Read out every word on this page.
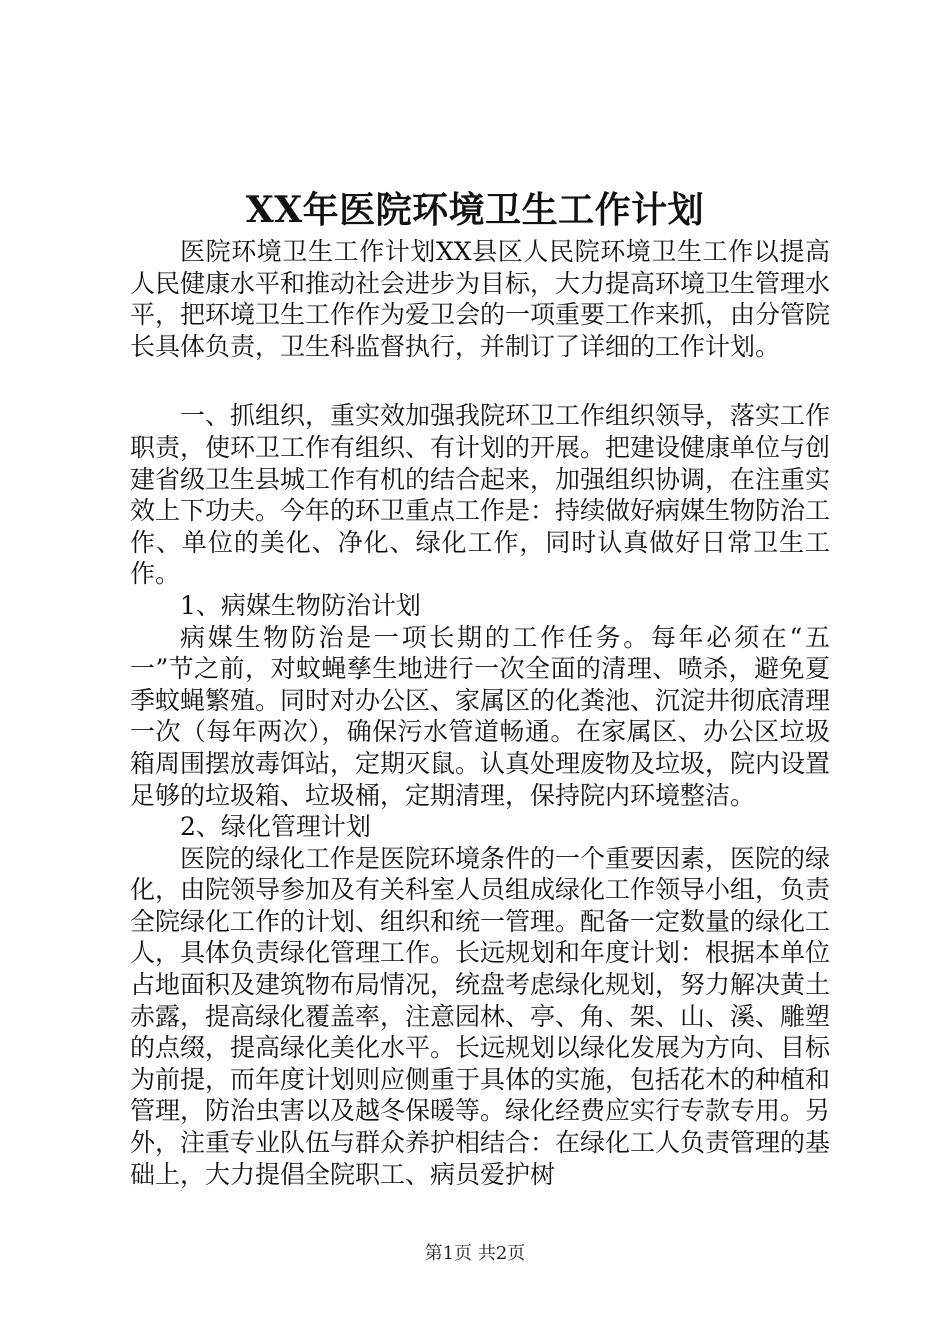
XX年医院环境卫生工作计划

医院环境卫生工作计划XX县区人民院环境卫生工作以提高人民健康水平和推动社会进步为目标，大力提高环境卫生管理水平，把环境卫生工作作为爱卫会的一项重要工作来抓，由分管院长具体负责，卫生科监督执行，并制订了详细的工作计划。

一、抓组织，重实效加强我院环卫工作组织领导，落实工作职责，使环卫工作有组织、有计划的开展。把建设健康单位与创建省级卫生县城工作有机的结合起来，加强组织协调，在注重实效上下功夫。今年的环卫重点工作是：持续做好病媒生物防治工作、单位的美化、净化、绿化工作，同时认真做好日常卫生工作。

1、病媒生物防治计划

病媒生物防治是一项长期的工作任务。每年必须在“五一”节之前，对蚊蝇孳生地进行一次全面的清理、喷杀，避免夏季蚊蝇繁殖。同时对办公区、家属区的化粪池、沉淀井彻底清理一次（每年两次），确保污水管道畅通。在家属区、办公区垃圾箱周围摆放毒饵站，定期灭鼠。认真处理废物及垃圾，院内设置足够的垃圾箱、垃圾桶，定期清理，保持院内环境整洁。

2、绿化管理计划

医院的绿化工作是医院环境条件的一个重要因素，医院的绿化，由院领导参加及有关科室人员组成绿化工作领导小组，负责全院绿化工作的计划、组织和统一管理。配备一定数量的绿化工人，具体负责绿化管理工作。长远规划和年度计划：根据本单位占地面积及建筑物布局情况，统盘考虑绿化规划，努力解决黄土赤露，提高绿化覆盖率，注意园林、亭、角、架、山、溪、雕塑的点缀，提高绿化美化水平。长远规划以绿化发展为方向、目标为前提，而年度计划则应侧重于具体的实施，包括花木的种植和管理，防治虫害以及越冬保暖等。绿化经费应实行专款专用。另外，注重专业队伍与群众养护相结合：在绿化工人负责管理的基础上，大力提倡全院职工、病员爱护树

第1页 共2页
